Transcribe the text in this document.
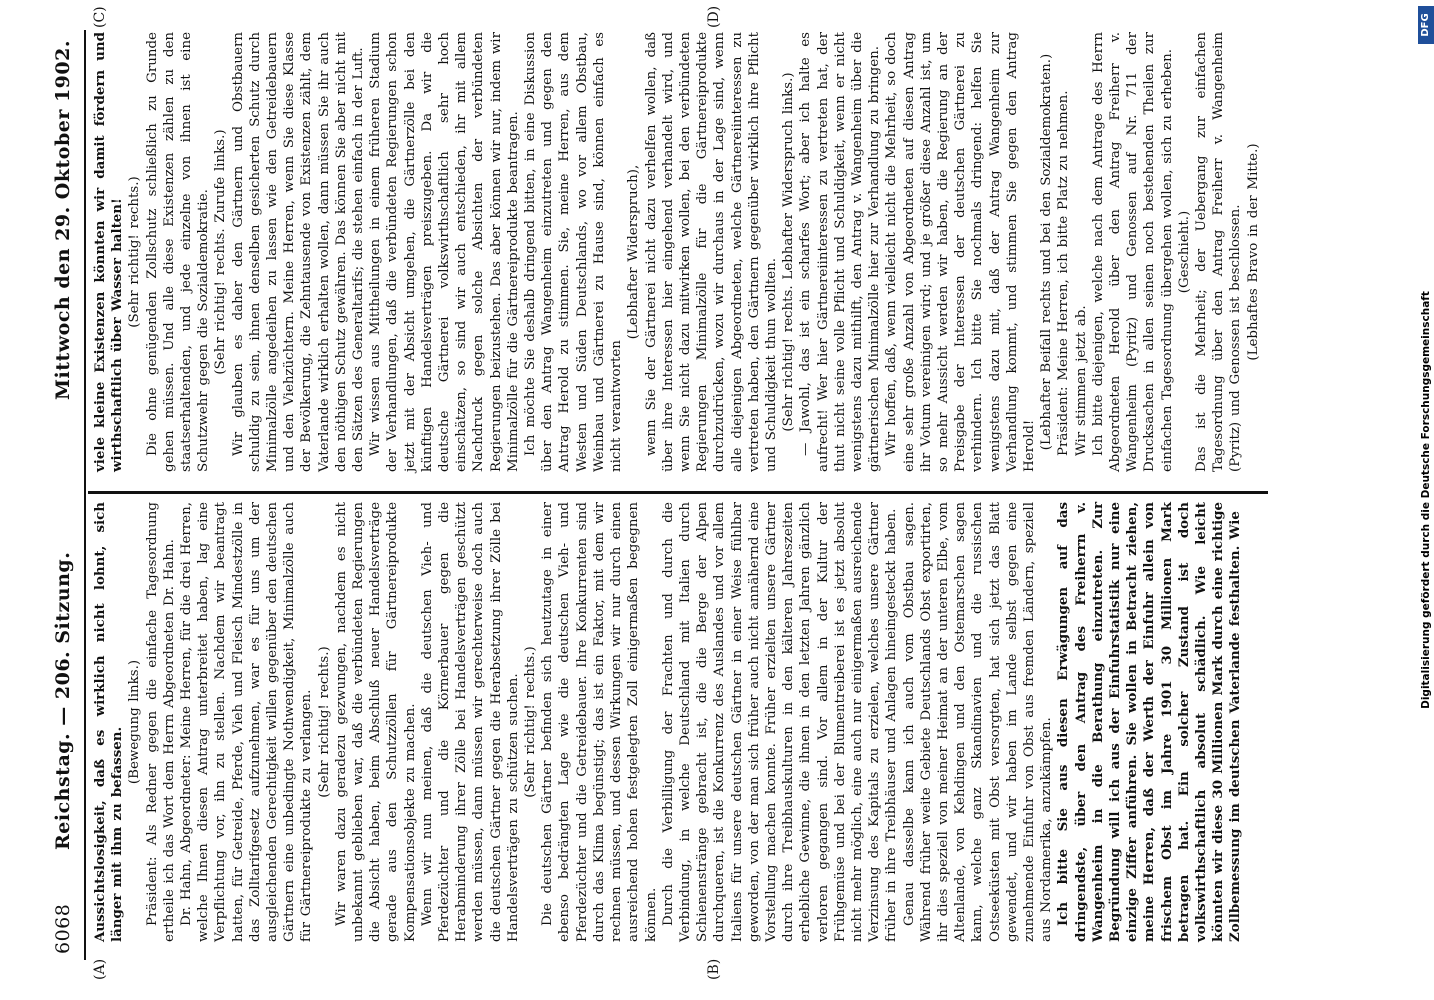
6068
Reichstag. — 206. Sitzung.
Mittwoch den 29. Oktober 1902.
(A)	(B)
(C)	(D)

Aussichtslosigkeit, daß es wirklich nicht lohnt, sich länger mit ihm zu befassen.

(Bewegung links.) Präsident: Als Redner gegen die einfache Tagesordnung ertheile ich das Wort dem Herrn Abgeordneten Dr. Hahn. Dr. Hahn, Abgeordneter: Meine Herren, für die drei Herren, welche Ihnen diesen Antrag unterbreitet haben, lag eine Verpflichtung vor, ihn zu stellen. Nachdem wir beantragt hatten, für Getreide, Pferde, Vieh und Fleisch Mindestzölle in das Zolltarifgesetz aufzunehmen, war es für uns um der ausgleichenden Gerechtigkeit willen gegenüber den deutschen Gärtnern eine unbedingte Nothwendigkeit, Minimalzölle auch für Gärtnereiprodukte zu verlangen. (Sehr richtig! rechts.) Wir waren dazu geradezu gezwungen, nachdem es nicht unbekannt geblieben war, daß die verbündeten Regierungen die Absicht haben, beim Abschluß neuer Handelsverträge gerade aus den Schutzzöllen für Gärtnereiprodukte Kompensationsobjekte zu machen. Wenn wir nun meinen, daß die deutschen Vieh- und Pferdezüchter und die Körnerbauer gegen die Herabminderung ihrer Zölle bei Handelsverträgen geschützt werden müssen, dann müssen wir gerechterweise doch auch die deutschen Gärtner gegen die Herabsetzung ihrer Zölle bei Handelsverträgen zu schützen suchen. (Sehr richtig! rechts.) Die deutschen Gärtner befinden sich heutzutage in einer ebenso bedrängten Lage wie die deutschen Vieh- und Pferdezüchter und die Getreidebauer. Ihre Konkurrenten sind durch das Klima begünstigt; das ist ein Faktor, mit dem wir rechnen müssen, und dessen Wirkungen wir nur durch einen ausreichend hohen festgelegten Zoll einigermaßen begegnen können. Durch die Verbilligung der Frachten und durch die Verbindung, in welche Deutschland mit Italien durch Schienenstränge gebracht ist, die die Berge der Alpen durchqueren, ist die Konkurrenz des Auslandes und vor allem Italiens für unsere deutschen Gärtner in einer Weise fühlbar geworden, von der man sich früher auch nicht annähernd eine Vorstellung machen konnte. Früher erzielten unsere Gärtner durch ihre Treibhauskulturen in den kälteren Jahreszeiten erhebliche Gewinne, die ihnen in den letzten Jahren gänzlich verloren gegangen sind. Vor allem in der Kultur der Frühgemüse und bei der Blumentreiberei ist es jetzt absolut nicht mehr möglich, eine auch nur einigermaßen ausreichende Verzinsung des Kapitals zu erzielen, welches unsere Gärtner früher in ihre Treibhäuser und Anlagen hineingesteckt haben. Genau dasselbe kann ich auch vom Obstbau sagen. Während früher weite Gebiete Deutschlands Obst exportirten, ihr dies speziell von meiner Heimat an der unteren Elbe, vom Altenlande, von Kehdingen und den Ostemarschen sagen kann, welche ganz Skandinavien und die russischen Ostseeküsten mit Obst versorgten, hat sich jetzt das Blatt gewendet, und wir haben im Lande selbst gegen eine zunehmende Einfuhr von Obst aus fremden Ländern, speziell aus Nordamerika, anzukämpfen. Ich bitte Sie aus diesen Erwägungen auf das dringendste, über den Antrag des Freiherrn v. Wangenheim in die Berathung einzutreten. Zur Begründung will ich aus der Einfuhrstatistik nur eine einzige Ziffer anführen. Sie wollen in Betracht ziehen, meine Herren, daß der Werth der Einfuhr allein von frischem Obst im Jahre 1901 30 Millionen Mark betragen hat. Ein solcher Zustand ist doch volkswirthschaftlich absolut schädlich. Wie leicht könnten wir diese 30 Millionen Mark durch eine richtige Zollbemessung im deutschen Vaterlande festhalten. Wie

viele kleine Existenzen könnten wir damit fördern und wirthschaftlich über Wasser halten! (Sehr richtig! rechts.) Die ohne genügenden Zollschutz schließlich zu Grunde gehen müssen. Und alle diese Existenzen zählen zu den staatserhaltenden, und jede einzelne von ihnen ist eine Schutzwehr gegen die Sozialdemokratie. (Sehr richtig! rechts. Zurufe links.) Wir glauben es daher den Gärtnern und Obstbauern schuldig zu sein, ihnen denselben gesicherten Schutz durch Minimalzölle angedeihen zu lassen wie den Getreidebauern und den Viehzüchtern. Meine Herren, wenn Sie diese Klasse der Bevölkerung, die Zehntausende von Existenzen zählt, dem Vaterlande wirklich erhalten wollen, dann müssen Sie ihr auch den nöthigen Schutz gewähren. Das können Sie aber nicht mit den Sätzen des Generaltarifs; die stehen einfach in der Luft. Wir wissen aus Mittheilungen in einem früheren Stadium der Verhandlungen, daß die verbündeten Regierungen schon jetzt mit der Absicht umgehen, die Gärtnerzölle bei den künftigen Handelsverträgen preiszugeben. Da wir die deutsche Gärtnerei volkswirthschaftlich sehr hoch einschätzen, so sind wir auch entschieden, ihr mit allem Nachdruck gegen solche Absichten der verbündeten Regierungen beizustehen. Das aber können wir nur, indem wir Minimalzölle für die Gärtnereiprodukte beantragen. Ich möchte Sie deshalb dringend bitten, in eine Diskussion über den Antrag Wangenheim einzutreten und gegen den Antrag Herold zu stimmen. Sie, meine Herren, aus dem Westen und Süden Deutschlands, wo vor allem Obstbau, Weinbau und Gärtnerei zu Hause sind, können einfach es nicht verantworten

(Lebhafter Widerspruch), wenn Sie der Gärtnerei nicht dazu verhelfen wollen, daß über ihre Interessen hier eingehend verhandelt wird, und wenn Sie nicht dazu mitwirken wollen, bei den verbündeten Regierungen Minimalzölle für die Gärtnereiprodukte durchzudrücken, wozu wir durchaus in der Lage sind, wenn alle diejenigen Abgeordneten, welche Gärtnereiinteressen zu vertreten haben, den Gärtnern gegenüber wirklich ihre Pflicht und Schuldigkeit thun wollten. (Sehr richtig! rechts. Lebhafter Widerspruch links.) — Jawohl, das ist ein scharfes Wort; aber ich halte es aufrecht! Wer hier Gärtnereiinteressen zu vertreten hat, der thut nicht seine volle Pflicht und Schuldigkeit, wenn er nicht wenigstens dazu mithilft, den Antrag v. Wangenheim über die gärtnerischen Minimalzölle hier zur Verhandlung zu bringen. Wir hoffen, daß, wenn vielleicht nicht die Mehrheit, so doch eine sehr große Anzahl von Abgeordneten auf diesen Antrag ihr Votum vereinigen wird; und je größer diese Anzahl ist, um so mehr Aussicht werden wir haben, die Regierung an der Preisgabe der Interessen der deutschen Gärtnerei zu verhindern. Ich bitte Sie nochmals dringend: helfen Sie wenigstens dazu mit, daß der Antrag Wangenheim zur Verhandlung kommt, und stimmen Sie gegen den Antrag Herold! (Lebhafter Beifall rechts und bei den Sozialdemokraten.) Präsident: Meine Herren, ich bitte Platz zu nehmen. Wir stimmen jetzt ab. Ich bitte diejenigen, welche nach dem Antrage des Herrn Abgeordneten Herold über den Antrag Freiherr v. Wangenheim (Pyritz) und Genossen auf Nr. 711 der Drucksachen in allen seinen noch bestehenden Theilen zur einfachen Tagesordnung übergehen wollen, sich zu erheben. (Geschieht.) Das ist die Mehrheit; der Uebergang zur einfachen Tagesordnung über den Antrag Freiherr v. Wangenheim (Pyritz) und Genossen ist beschlossen. (Lebhaftes Bravo in der Mitte.)

Digitalisierung gefördert durch die Deutsche Forschungsgemeinschaft
DFG
